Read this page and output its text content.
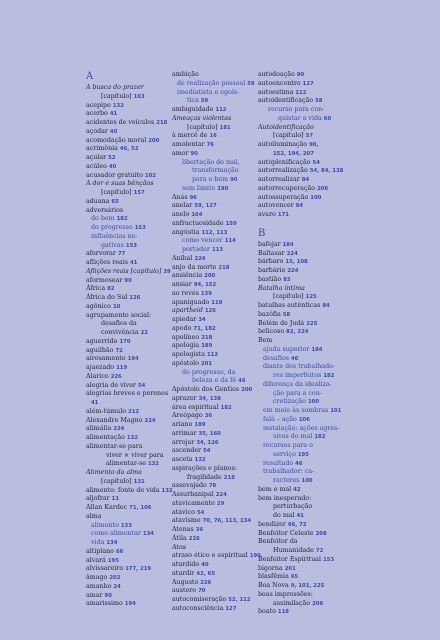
A
A busca do prazer
[capítulo] 163
acepipe 132
acerbo 41
acidentes de veículos 218
açodar 40
acomodação moral 200
acrimônia 46, 52
açular 52
acúleo 40
acusador gratuito 102
A dor e suas bênçãos
[capítulo] 157
aduana 65
adversários
do bem 182
do progresso 153
influências ne-
gativas 153
afervorar 77
aflições reais 41
Aflições reais [capítulo] 39
aformosear 90
África 82
África do Sul 126
agônico 10
agrupamento social:
desafios da
convivência 22
aguerrido 170
aguilhão 72
airosamente 194
ajaezado 119
Alarico 226
alegria de viver 54
alegrias breves e perenes
41
além-túmulo 212
Alexandre Magno 224
alimália 224
alimentação 132
alimentar-se para
viver × viver para
alimentar-se 132
Alimento da alma
[capítulo] 131
alimento: fonte de vida 132
aljofrar 11
Allan Kardec 71, 106
alma
alimento 133
como alimentar 134
vida 134
altiplano 66
alvará 195
alvissareiro 177, 219
âmago 202
amanho 24
amar 90
amarissimo 194
ambição
de realização pessoal 59
imediatista e egoís-
tica 59
ambiguidade 112
Ameaças violentas
[capítulo] 181
à mercê de 16
amolentar 76
amor 90
libertação do mal,
transformação
para o bem 90
sem limite 190
Anás 96
anelar 59, 127
anelo 164
anfractuosidade 159
angústia 112, 113
como vencer 114
portador 113
Aníbal 224
anjo da morte 218
ansiência 200
ansiar 94, 152
ao revés 139
apaniguado 119
apartheid 126
apiedar 34
apodo 71, 182
apolíneo 218
apologia 189
apologista 112
apóstolo 201
do progresso, da
beleza e da fé 46
Apóstolo dos Gentios 200
aprazer 34, 138
área espiritual 182
Areópago 36
ariano 189
arrimar 35, 160
arrojar 34, 126
ascender 54
asceta 132
aspirações e planos:
fragilidade 218
assevajado 78
Assurbanipal 224
atavicamente 29
atávico 54
atavismo 70, 76, 113, 134
Atenas 36
Átila 226
Atos
atraso ético e espiritual 190
aturdido 40
aturdir 42, 65
Augusto 226
austero 70
autocomiseração 52, 112
autoconsciência 127
autodoação 90
autoencontro 127
autoestima 112
autoidentificação 58
recurso para con-
quistar a vida 60
Autoidentificação
[capítulo] 57
autoiluminação 90,
152, 194, 207
autoplenificação 54
autorrealização 54, 84, 138
autorrealizar 84
autorrecuperação 206
autossuperação 100
autovencer 84
avaro 171
B
bafejar 184
Baltasar 224
bárbaro 15, 108
barbárie 224
bastião 83
Batalha íntima
[capítulo] 125
batalhas autênticas 84
bazófia 58
Belém de Judá 225
belicoso 82, 224
Bem
ajuda superior 184
desafios 46
diante dos trabalhado-
res imperfeitos 182
diferença da idealiza-
ção para a con-
cretização 100
em meio às sombras 101
falá – ação 106
instalação: ações agres-
sivas do mal 182
recursos para o
serviço 195
resultado 46
trabalhador: ca-
racteres 100
bem e mal 42
bem inesperado:
perturbação
do mal 41
bendizer 66, 72
Benfeitor Celeste 208
Benfeitor da
Humanidade 72
Benfeitor Espiritual 153
bigorna 201
blasfêmia 65
Boa Nova 9, 101, 225
boas impressões:
assimilação 206
boato 118
